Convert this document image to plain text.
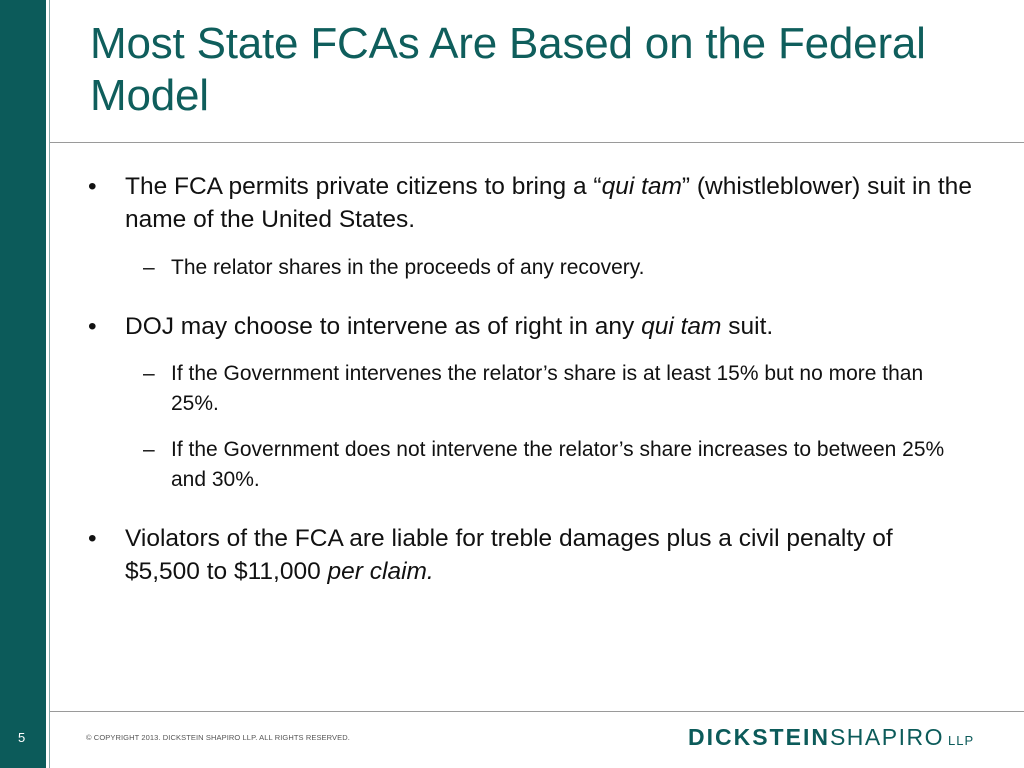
Most State FCAs Are Based on the Federal Model
• The FCA permits private citizens to bring a “qui tam” (whistleblower) suit in the name of the United States.
– The relator shares in the proceeds of any recovery.
• DOJ may choose to intervene as of right in any qui tam suit.
– If the Government intervenes the relator’s share is at least 15% but no more than 25%.
– If the Government does not intervene the relator’s share increases to between 25% and 30%.
• Violators of the FCA are liable for treble damages plus a civil penalty of $5,500 to $11,000 per claim.
5	© COPYRIGHT 2013. DICKSTEIN SHAPIRO LLP. ALL RIGHTS RESERVED.	DICKSTEINSHAPIRO LLP
